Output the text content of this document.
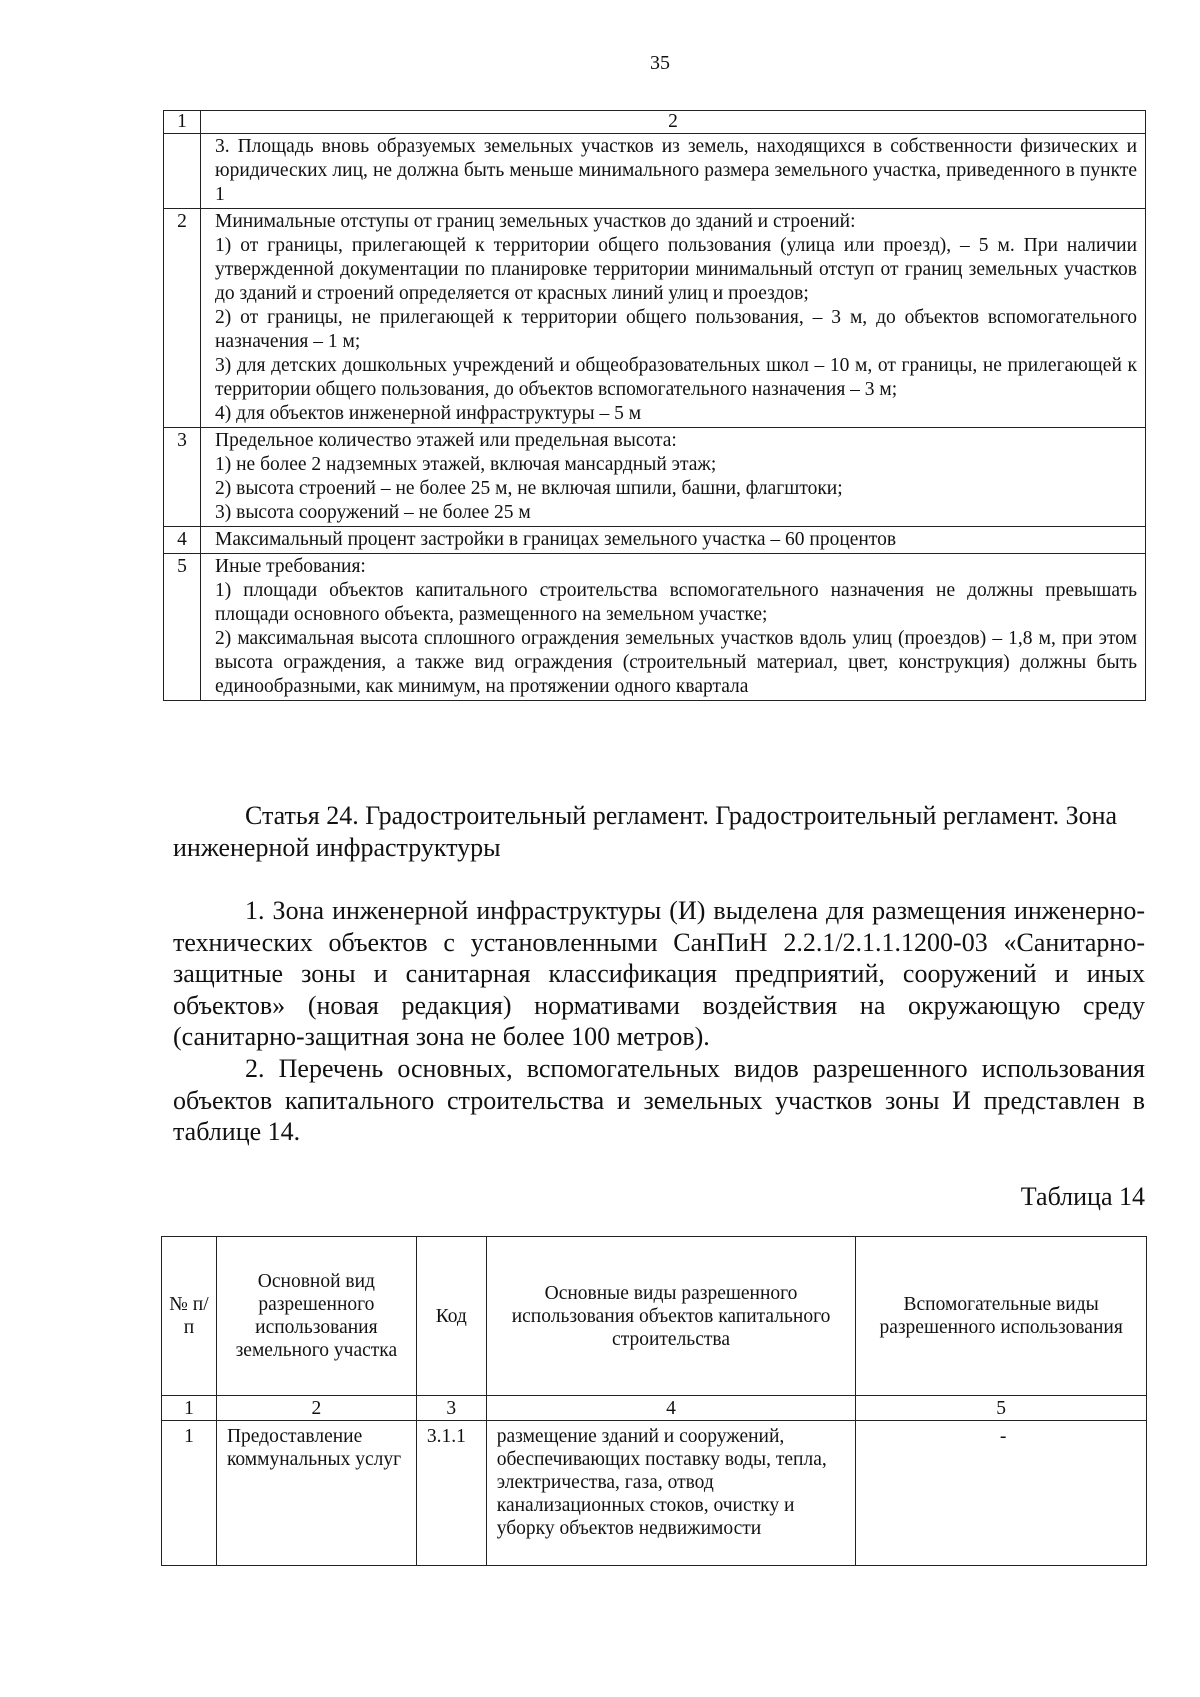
35
1	2

	3. Площадь вновь образуемых земельных участков из земель, находящихся в собственности физических и юридических лиц, не должна быть меньше минимального размера земельного участка, приведенного в пункте 1

2	Минимальные отступы от границ земельных участков до зданий и строений:
1) от границы, прилегающей к территории общего пользования (улица или проезд), – 5 м. При наличии утвержденной документации по планировке территории минимальный отступ от границ земельных участков до зданий и строений определяется от красных линий улиц и проездов;
2) от границы, не прилегающей к территории общего пользования, – 3 м, до объектов вспомогательного назначения – 1 м;
3) для детских дошкольных учреждений и общеобразовательных школ – 10 м, от границы, не прилегающей к территории общего пользования, до объектов вспомогательного назначения – 3 м;
4) для объектов инженерной инфраструктуры – 5 м

3	Предельное количество этажей или предельная высота:
1) не более 2 надземных этажей, включая мансардный этаж;
2) высота строений – не более 25 м, не включая шпили, башни, флагштоки;
3) высота сооружений – не более 25 м

4	Максимальный процент застройки в границах земельного участка – 60 процентов

5	Иные требования:
1) площади объектов капитального строительства вспомогательного назначения не должны превышать площади основного объекта, размещенного на земельном участке;
2) максимальная высота сплошного ограждения земельных участков вдоль улиц (проездов) – 1,8 м, при этом высота ограждения, а также вид ограждения (строительный материал, цвет, конструкция) должны быть единообразными, как минимум, на протяжении одного квартала
Статья 24. Градостроительный регламент. Градостроительный регламент. Зона инженерной инфраструктуры
1. Зона инженерной инфраструктуры (И) выделена для размещения инженерно-технических объектов с установленными СанПиН 2.2.1/2.1.1.1200-03 «Санитарно-защитные зоны и санитарная классификация предприятий, сооружений и иных объектов» (новая редакция) нормативами воздействия на окружающую среду (санитарно-защитная зона не более 100 метров).
2. Перечень основных, вспомогательных видов разрешенного использования объектов капитального строительства и земельных участков зоны И представлен в таблице 14.
Таблица 14
№ п/п	Основной вид разрешенного использования земельного участка	Код	Основные виды разрешенного использования объектов капитального строительства	Вспомогательные виды разрешенного использования
1	2	3	4	5
1	Предоставление коммунальных услуг	3.1.1	размещение зданий и сооружений, обеспечивающих поставку воды, тепла, электричества, газа, отвод канализационных стоков, очистку и уборку объектов недвижимости	-
